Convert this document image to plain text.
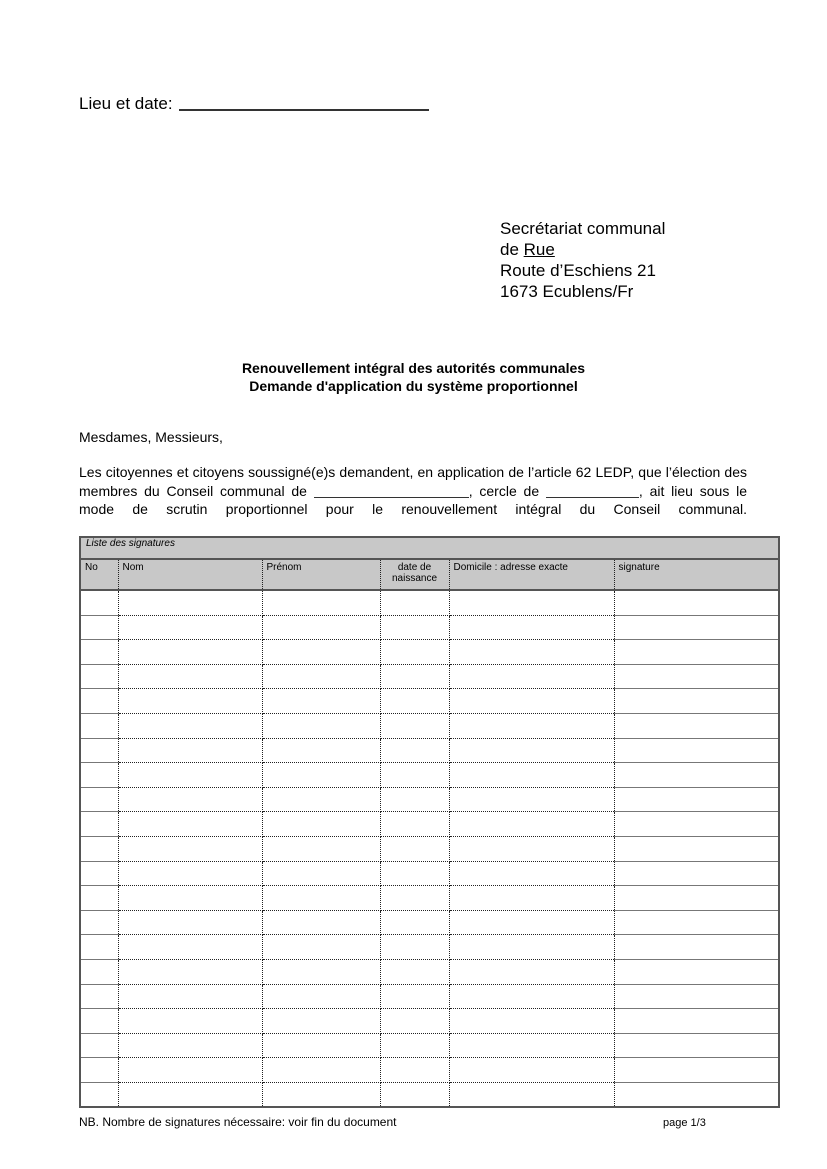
Lieu et date:
Secrétariat communal
de Rue
Route d’Eschiens 21
1673 Ecublens/Fr
Renouvellement intégral des autorités communales
Demande d'application du système proportionnel
Mesdames, Messieurs,
Les citoyennes et citoyens soussigné(e)s demandent, en application de l’article 62 LEDP, que l’élection des membres du Conseil communal de	, cercle de	, ait lieu sous le mode de scrutin proportionnel pour le renouvellement intégral du Conseil communal.
Liste des signatures					
No	Nom	Prénom	date de naissance	Domicile : adresse exacte	signature

NB. Nombre de signatures nécessaire: voir fin du document	page 1/3
